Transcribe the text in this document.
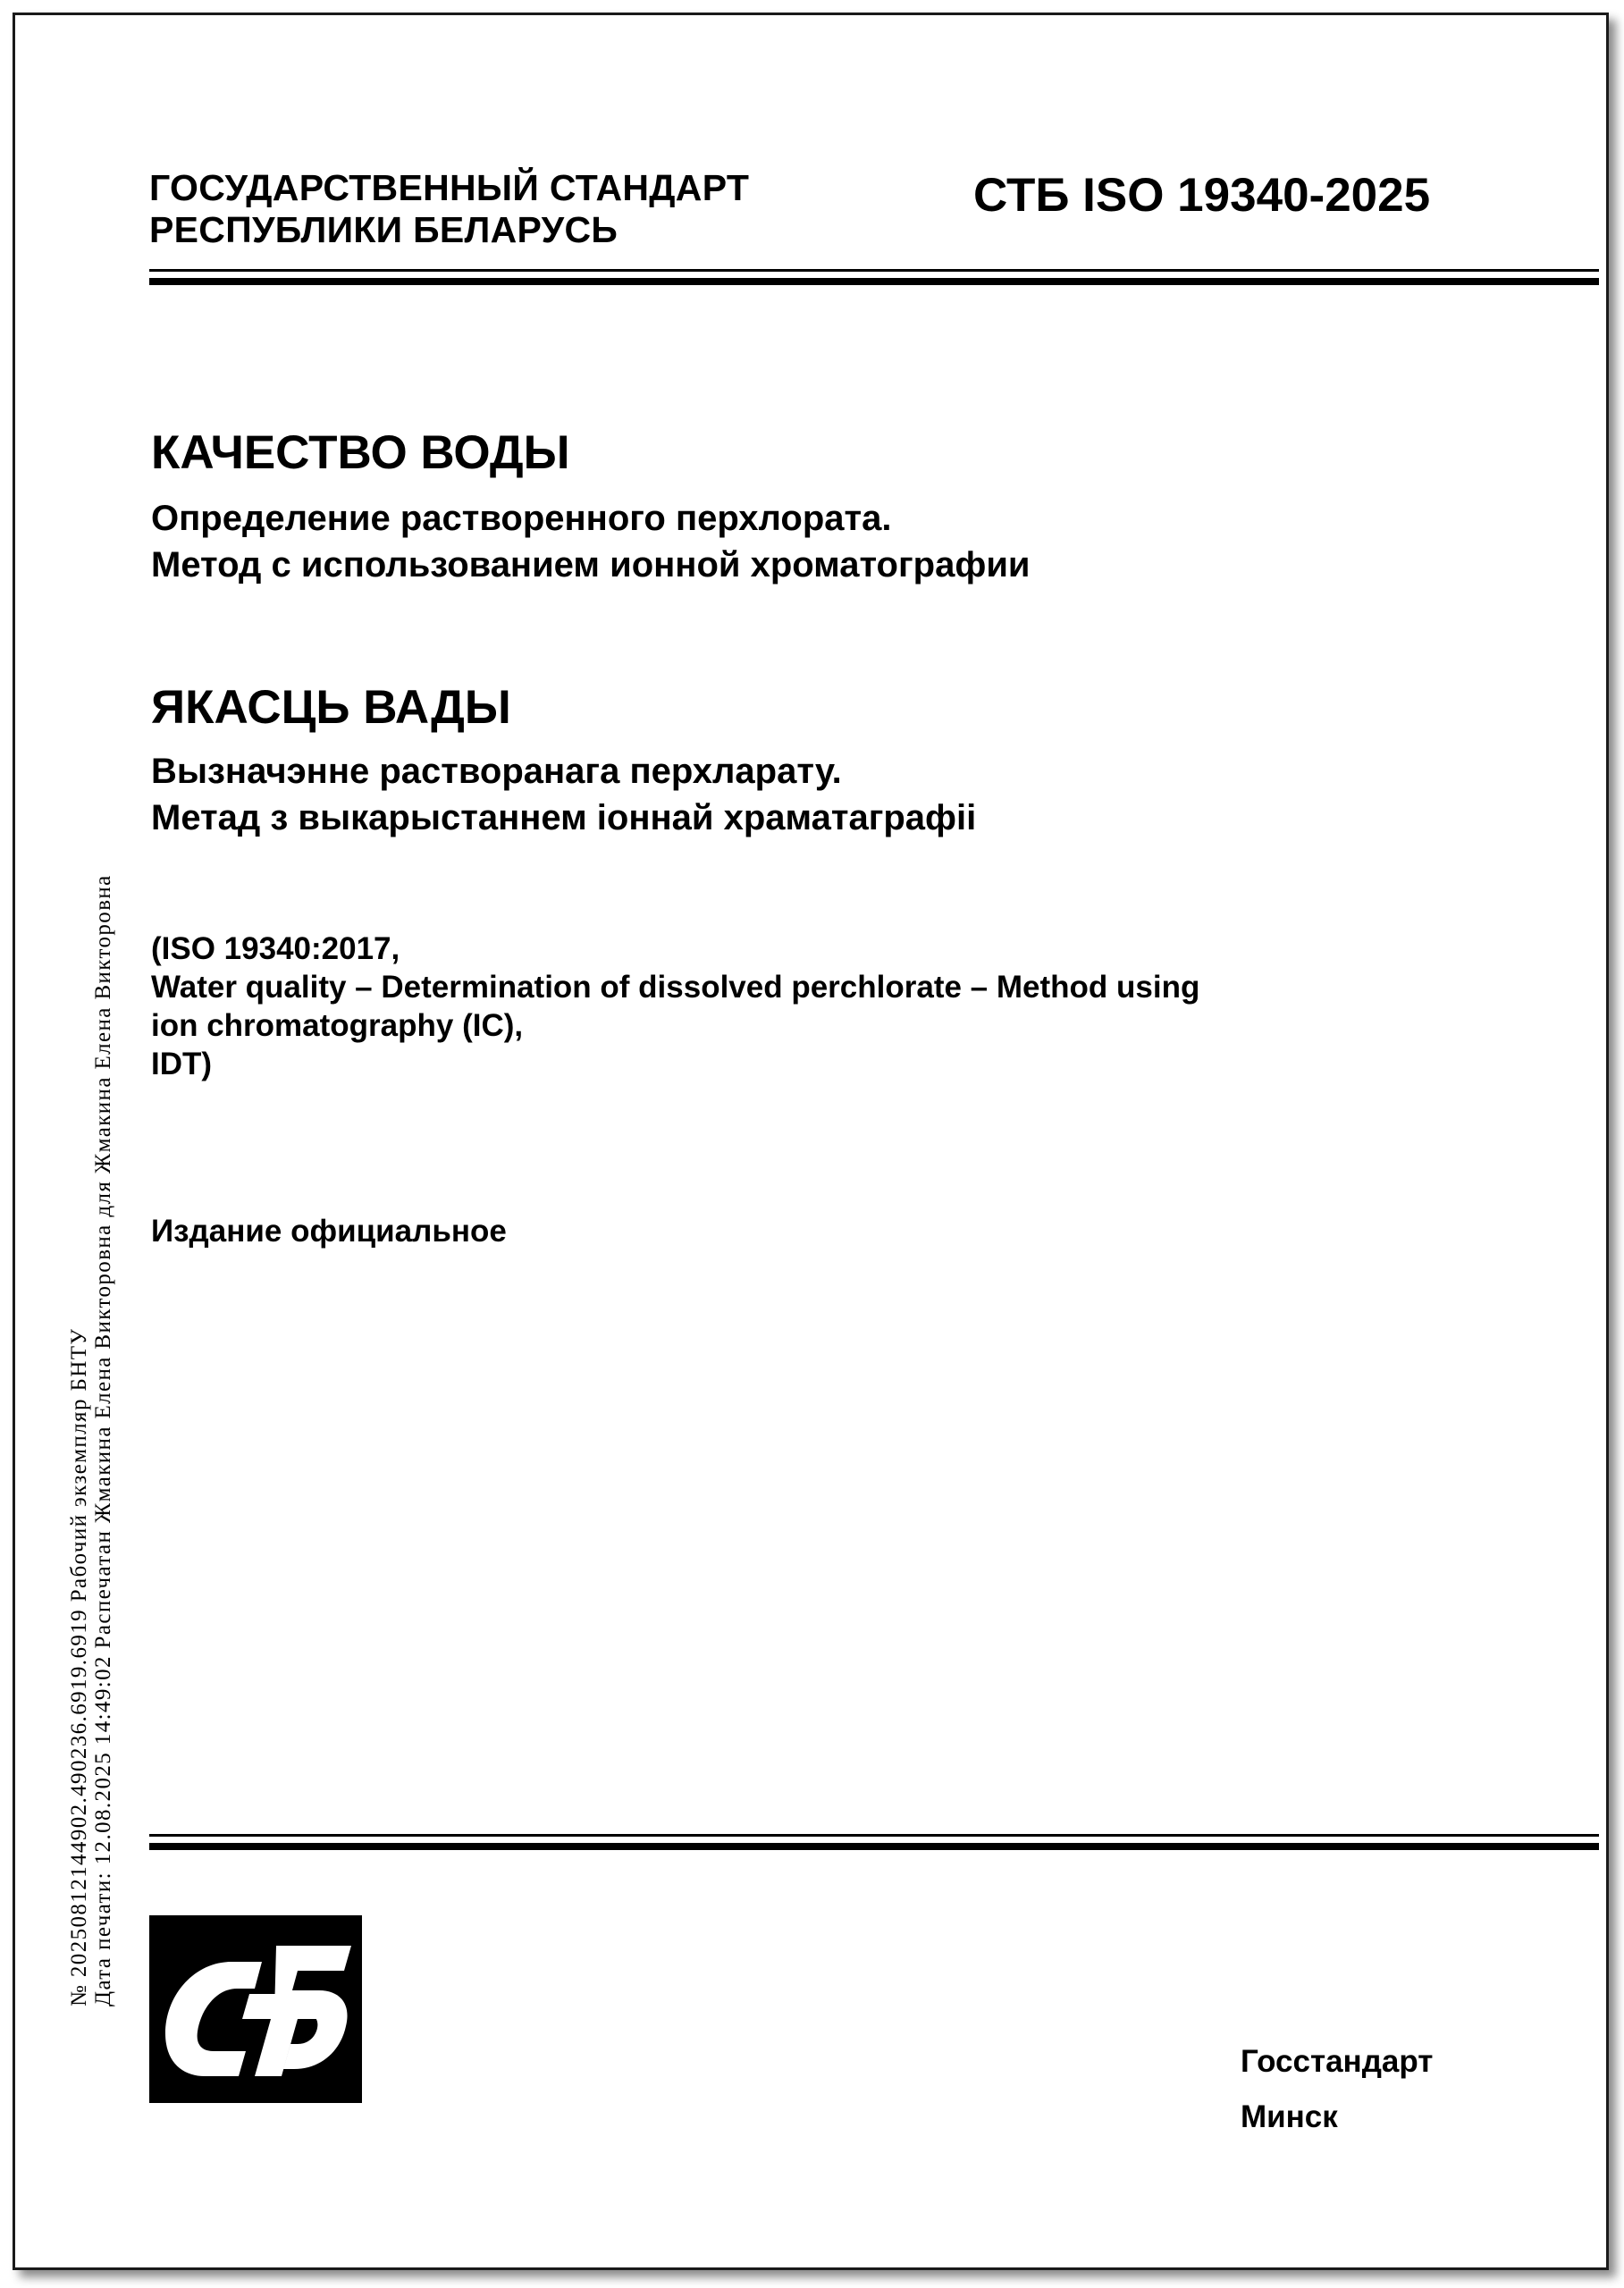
ГОСУДАРСТВЕННЫЙ СТАНДАРТ
РЕСПУБЛИКИ БЕЛАРУСЬ
СТБ ISO 19340-2025
КАЧЕСТВО ВОДЫ
Определение растворенного перхлората.
Метод с использованием ионной хроматографии
ЯКАСЦЬ ВАДЫ
Вызначэнне растворанага перхларату.
Метад з выкарыстаннем іоннай храматаграфіі
(ISO 19340:2017,
Water quality – Determination of dissolved perchlorate – Method using
ion chromatography (IC),
IDT)
Издание официальное
№ 20250812144902.490236.6919.6919 Рабочий экземпляр БНТУ Дата печати: 12.08.2025 14:49:02 Распечатан Жмакина Елена Викторовна для Жмакина Елена Викторовна
Госстандарт
Минск
